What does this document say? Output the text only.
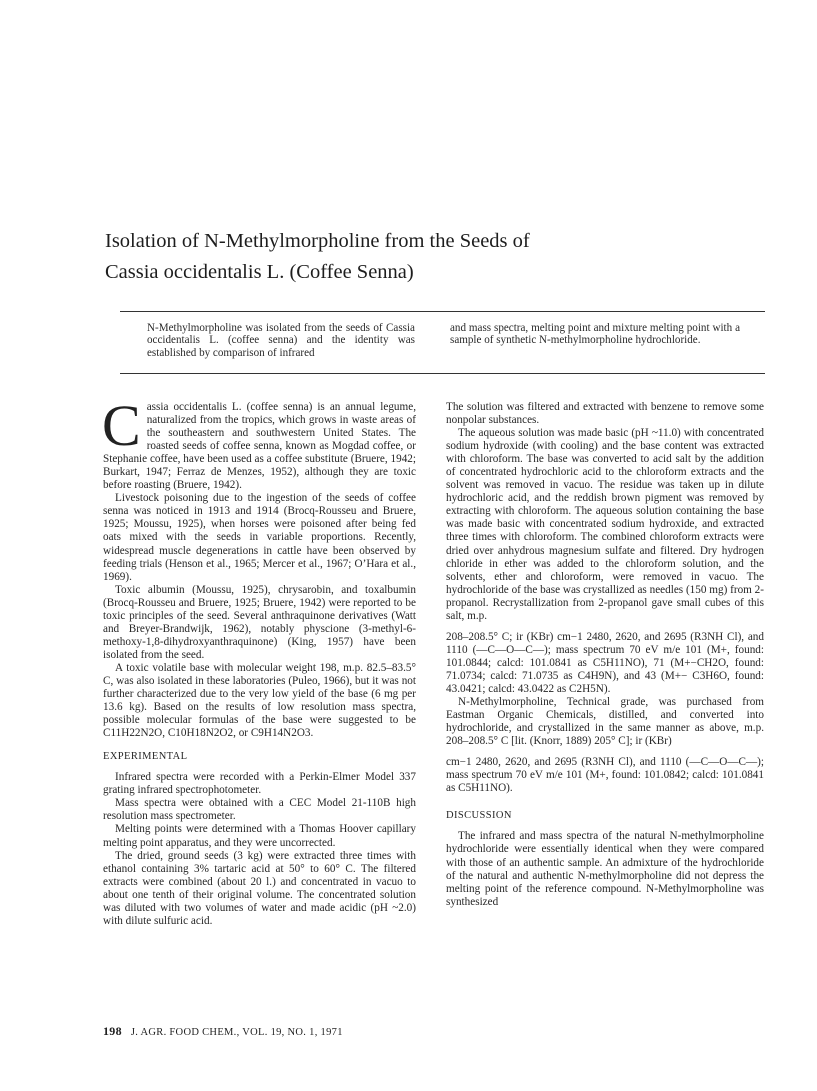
Isolation of N-Methylmorpholine from the Seeds of
Cassia occidentalis L. (Coffee Senna)
N-Methylmorpholine was isolated from the seeds of Cassia occidentalis L. (coffee senna) and the identity was established by comparison of infrared
and mass spectra, melting point and mixture melting point with a sample of synthetic N-methylmorpholine hydrochloride.

Cassia occidentalis L. (coffee senna) is an annual legume, naturalized from the tropics, which grows in waste areas of the southeastern and southwestern United States. The roasted seeds of coffee senna, known as Mogdad coffee, or Stephanie coffee, have been used as a coffee substitute (Bruere, 1942; Burkart, 1947; Ferraz de Menzes, 1952), although they are toxic before roasting (Bruere, 1942).

Livestock poisoning due to the ingestion of the seeds of coffee senna was noticed in 1913 and 1914 (Brocq-Rousseu and Bruere, 1925; Moussu, 1925), when horses were poisoned after being fed oats mixed with the seeds in variable proportions. Recently, widespread muscle degenerations in cattle have been observed by feeding trials (Henson et al., 1965; Mercer et al., 1967; O’Hara et al., 1969).

Toxic albumin (Moussu, 1925), chrysarobin, and toxalbumin (Brocq-Rousseu and Bruere, 1925; Bruere, 1942) were reported to be toxic principles of the seed. Several anthraquinone derivatives (Watt and Breyer-Brandwijk, 1962), notably physcione (3-methyl-6-methoxy-1,8-dihydroxyanthraquinone) (King, 1957) have been isolated from the seed.

A toxic volatile base with molecular weight 198, m.p. 82.5–83.5° C, was also isolated in these laboratories (Puleo, 1966), but it was not further characterized due to the very low yield of the base (6 mg per 13.6 kg). Based on the results of low resolution mass spectra, possible molecular formulas of the base were suggested to be C11H22N2O, C10H18N2O2, or C9H14N2O3.

EXPERIMENTAL

Infrared spectra were recorded with a Perkin-Elmer Model 337 grating infrared spectrophotometer.

Mass spectra were obtained with a CEC Model 21-110B high resolution mass spectrometer.

Melting points were determined with a Thomas Hoover capillary melting point apparatus, and they were uncorrected.

The dried, ground seeds (3 kg) were extracted three times with ethanol containing 3% tartaric acid at 50° to 60° C. The filtered extracts were combined (about 20 l.) and concentrated in vacuo to about one tenth of their original volume. The concentrated solution was diluted with two volumes of water and made acidic (pH ~2.0) with dilute sulfuric acid.

The solution was filtered and extracted with benzene to remove some nonpolar substances.

The aqueous solution was made basic (pH ~11.0) with concentrated sodium hydroxide (with cooling) and the base content was extracted with chloroform. The base was converted to acid salt by the addition of concentrated hydrochloric acid to the chloroform extracts and the solvent was removed in vacuo. The residue was taken up in dilute hydrochloric acid, and the reddish brown pigment was removed by extracting with chloroform. The aqueous solution containing the base was made basic with concentrated sodium hydroxide, and extracted three times with chloroform. The combined chloroform extracts were dried over anhydrous magnesium sulfate and filtered. Dry hydrogen chloride in ether was added to the chloroform solution, and the solvents, ether and chloroform, were removed in vacuo. The hydrochloride of the base was crystallized as needles (150 mg) from 2-propanol. Recrystallization from 2-propanol gave small cubes of this salt, m.p.

208–208.5° C; ir (KBr) cm−1 2480, 2620, and 2695 (R3NH Cl), and 1110 (—C—O—C—); mass spectrum 70 eV m/e 101 (M+, found: 101.0844; calcd: 101.0841 as C5H11NO), 71 (M+−CH2O, found: 71.0734; calcd: 71.0735 as C4H9N), and 43 (M+− C3H6O, found: 43.0421; calcd: 43.0422 as C2H5N).

N-Methylmorpholine, Technical grade, was purchased from Eastman Organic Chemicals, distilled, and converted into hydrochloride, and crystallized in the same manner as above, m.p. 208–208.5° C [lit. (Knorr, 1889) 205° C]; ir (KBr)

cm−1 2480, 2620, and 2695 (R3NH Cl), and 1110 (—C—O—C—); mass spectrum 70 eV m/e 101 (M+, found: 101.0842; calcd: 101.0841 as C5H11NO).

DISCUSSION

The infrared and mass spectra of the natural N-methylmorpholine hydrochloride were essentially identical when they were compared with those of an authentic sample. An admixture of the hydrochloride of the natural and authentic N-methylmorpholine did not depress the melting point of the reference compound. N-Methylmorpholine was synthesized

198 J. AGR. FOOD CHEM., VOL. 19, NO. 1, 1971
